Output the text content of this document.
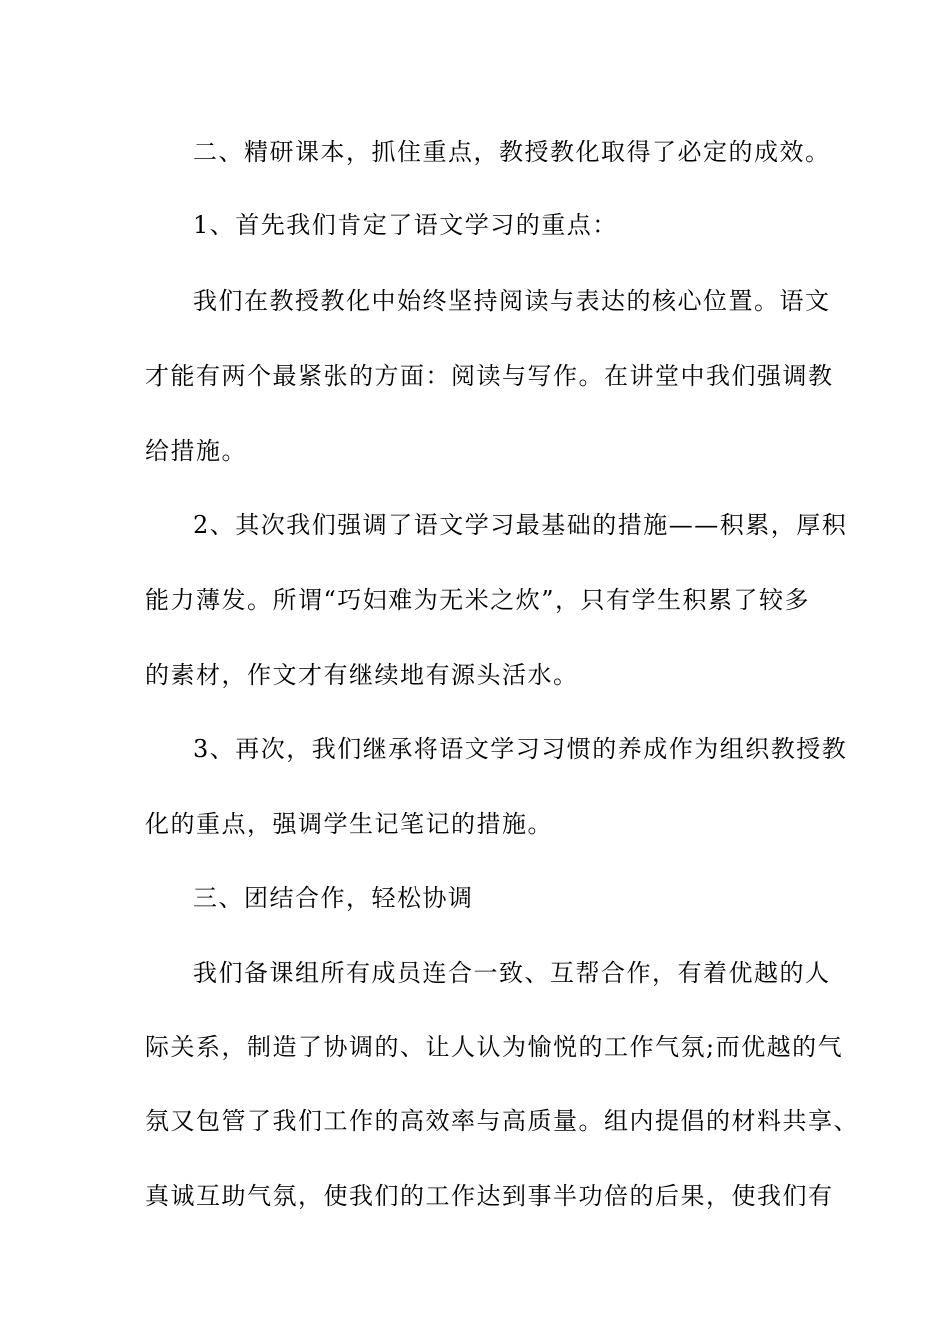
二、精研课本，抓住重点，教授教化取得了必定的成效。
1、首先我们肯定了语文学习的重点：
我们在教授教化中始终坚持阅读与表达的核心位置。语文
才能有两个最紧张的方面：阅读与写作。在讲堂中我们强调教
给措施。
2、其次我们强调了语文学习最基础的措施——积累，厚积
能力薄发。所谓“巧妇难为无米之炊”，只有学生积累了较多
的素材，作文才有继续地有源头活水。
3、再次，我们继承将语文学习习惯的养成作为组织教授教
化的重点，强调学生记笔记的措施。
三、团结合作，轻松协调
我们备课组所有成员连合一致、互帮合作，有着优越的人
际关系，制造了协调的、让人认为愉悦的工作气氛;而优越的气
氛又包管了我们工作的高效率与高质量。组内提倡的材料共享、
真诚互助气氛，使我们的工作达到事半功倍的后果，使我们有
